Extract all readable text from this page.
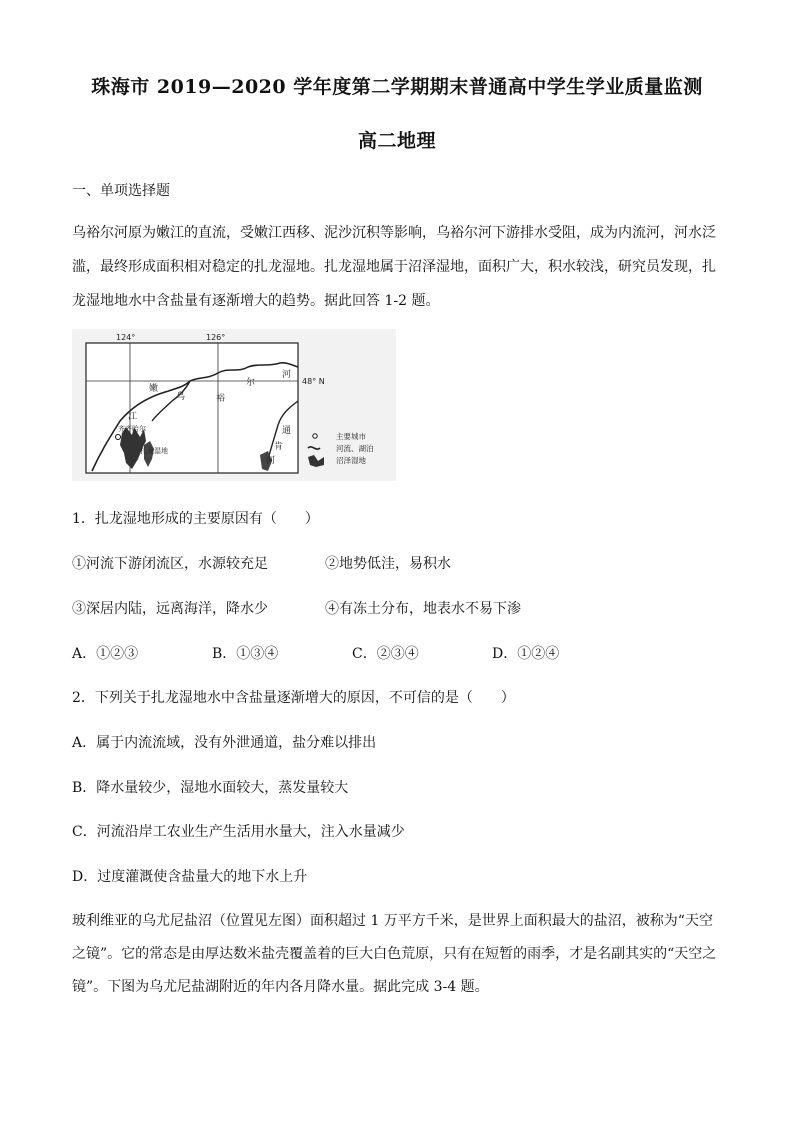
珠海市 2019—2020 学年度第二学期期末普通高中学生学业质量监测
高二地理
一、单项选择题
乌裕尔河原为嫩江的直流，受嫩江西移、泥沙沉积等影响，乌裕尔河下游排水受阻，成为内流河，河水泛
滥，最终形成面积相对稳定的扎龙湿地。扎龙湿地属于沼泽湿地，面积广大，积水较浅，研究员发现，扎
龙湿地地水中含盐量有逐渐增大的趋势。据此回答 1-2 题。
124°	126°
48° N
嫩
江
乌	裕
尔
河
通
肯
河
齐齐哈尔
扎龙湿地
主要城市
河流、湖泊
沼泽湿地
1．扎龙湿地形成的主要原因有（　　）
①河流下游闭流区，水源较充足	②地势低洼，易积水
③深居内陆，远离海洋，降水少	④有冻土分布，地表水不易下渗
A．①②③	B．①③④	C．②③④	D．①②④
2．下列关于扎龙湿地水中含盐量逐渐增大的原因，不可信的是（　　）
A．属于内流流域，没有外泄通道，盐分难以排出
B．降水量较少，湿地水面较大，蒸发量较大
C．河流沿岸工农业生产生活用水量大，注入水量减少
D．过度灌溉使含盐量大的地下水上升
玻利维亚的乌尤尼盐沼（位置见左图）面积超过 1 万平方千米，是世界上面积最大的盐沼，被称为“天空
之镜”。它的常态是由厚达数米盐壳覆盖着的巨大白色荒原，只有在短暂的雨季，才是名副其实的“天空之
镜”。下图为乌尤尼盐湖附近的年内各月降水量。据此完成 3-4 题。
